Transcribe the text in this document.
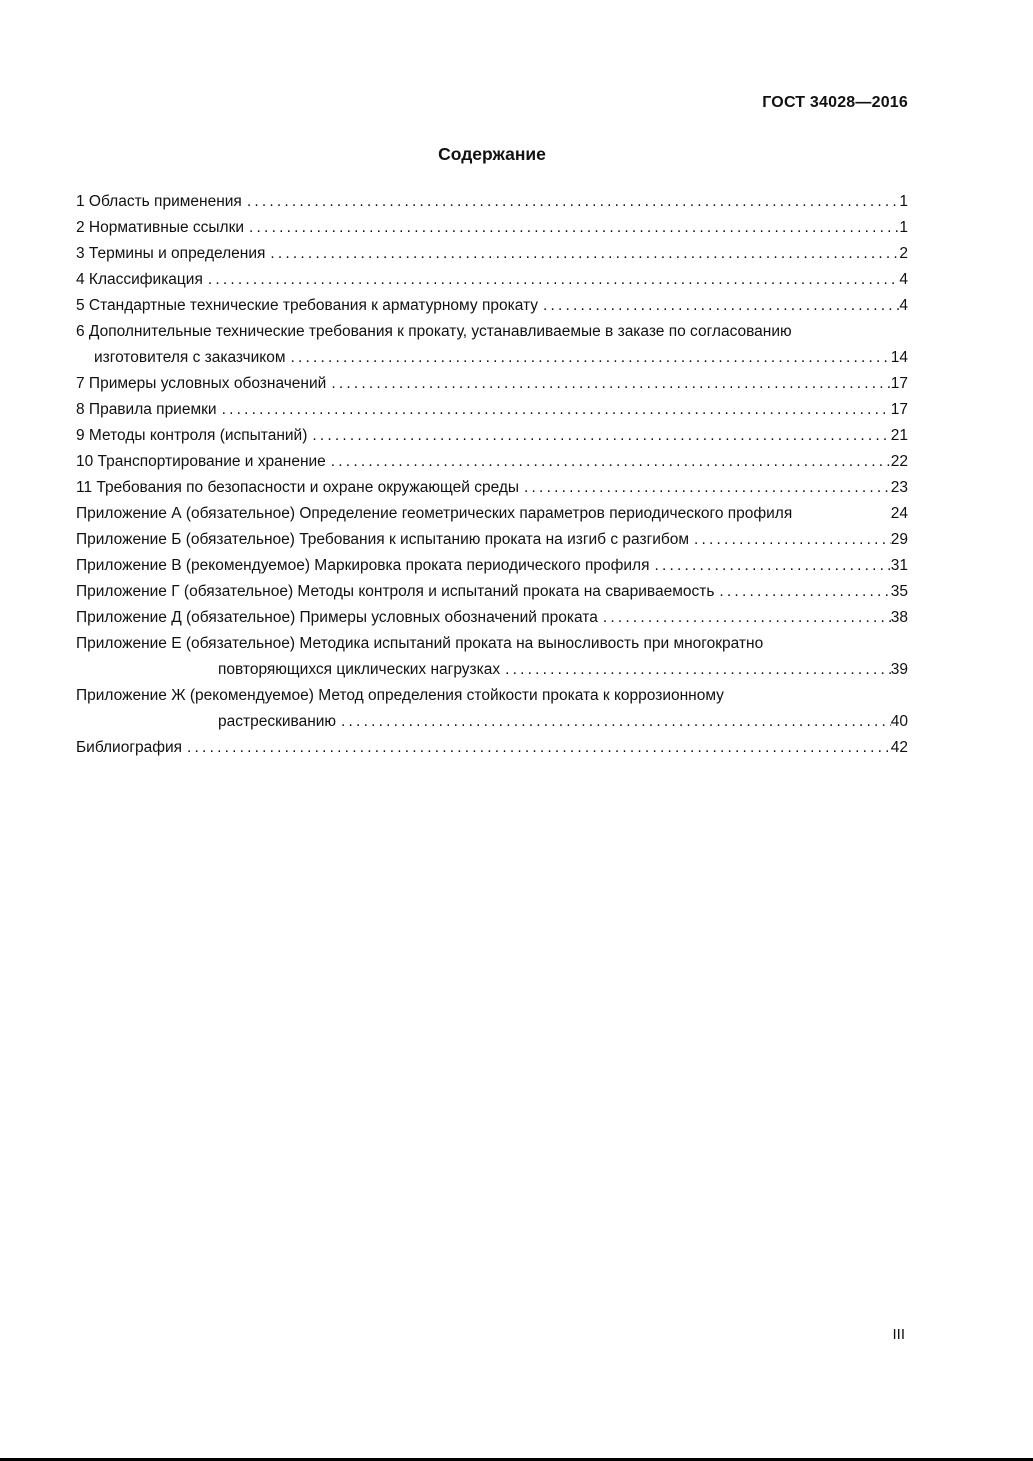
ГОСТ 34028—2016
Содержание
1 Область применения .....	1
2 Нормативные ссылки .....	1
3 Термины и определения .....	2
4 Классификация .....	4
5 Стандартные технические требования к арматурному прокату .....	4
6 Дополнительные технические требования к прокату, устанавливаемые в заказе по согласованию
изготовителя с заказчиком .....	14
7 Примеры условных обозначений .....	17
8 Правила приемки .....	17
9 Методы контроля (испытаний) .....	21
10 Транспортирование и хранение .....	22
11 Требования по безопасности и охране окружающей среды .....	23
Приложение А (обязательное) Определение геометрических параметров периодического профиля	24
Приложение Б (обязательное) Требования к испытанию проката на изгиб с разгибом .....	29
Приложение В (рекомендуемое) Маркировка проката периодического профиля .....	31
Приложение Г (обязательное) Методы контроля и испытаний проката на свариваемость .....	35
Приложение Д (обязательное) Примеры условных обозначений проката .....	38
Приложение Е (обязательное) Методика испытаний проката на выносливость при многократно
повторяющихся циклических нагрузках .....	39
Приложение Ж (рекомендуемое) Метод определения стойкости проката к коррозионному
растрескиванию .....	40
Библиография .....	42
III
